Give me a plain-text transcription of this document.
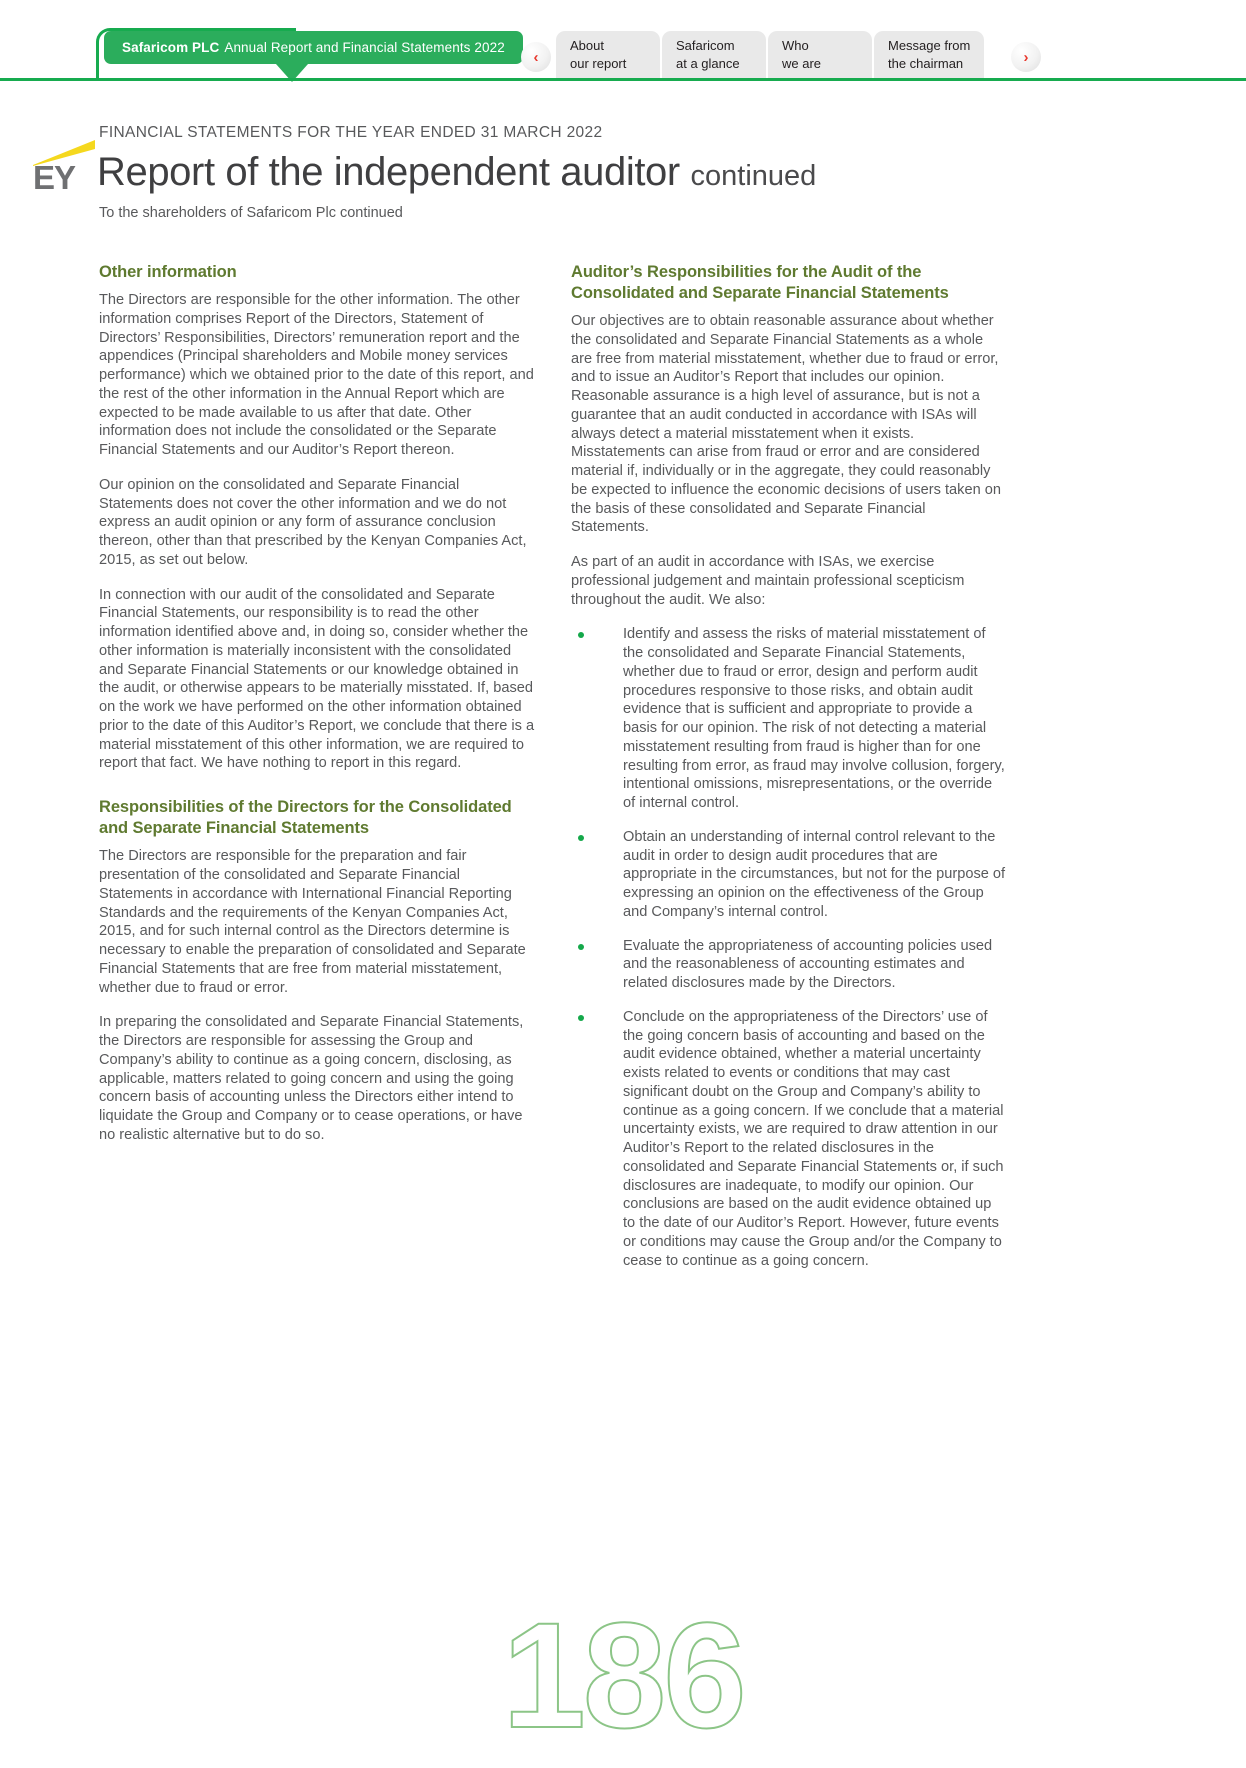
Safaricom PLC Annual Report and Financial Statements 2022
‹
About
our report
Safaricom
at a glance
Who
we are
Message from
the chairman	›
EY
FINANCIAL STATEMENTS FOR THE YEAR ENDED 31 MARCH 2022
Report of the independent auditor continued
To the shareholders of Safaricom Plc continued
Other information

The Directors are responsible for the other information. The other information comprises Report of the Directors, Statement of Directors’ Responsibilities, Directors’ remuneration report and the appendices (Principal shareholders and Mobile money services performance) which we obtained prior to the date of this report, and the rest of the other information in the Annual Report which are expected to be made available to us after that date. Other information does not include the consolidated or the Separate Financial Statements and our Auditor’s Report thereon.

Our opinion on the consolidated and Separate Financial Statements does not cover the other information and we do not express an audit opinion or any form of assurance conclusion thereon, other than that prescribed by the Kenyan Companies Act, 2015, as set out below.

In connection with our audit of the consolidated and Separate Financial Statements, our responsibility is to read the other information identified above and, in doing so, consider whether the other information is materially inconsistent with the consolidated and Separate Financial Statements or our knowledge obtained in the audit, or otherwise appears to be materially misstated. If, based on the work we have performed on the other information obtained prior to the date of this Auditor’s Report, we conclude that there is a material misstatement of this other information, we are required to report that fact. We have nothing to report in this regard.

Responsibilities of the Directors for the Consolidated and Separate Financial Statements

The Directors are responsible for the preparation and fair presentation of the consolidated and Separate Financial Statements in accordance with International Financial Reporting Standards and the requirements of the Kenyan Companies Act, 2015, and for such internal control as the Directors determine is necessary to enable the preparation of consolidated and Separate Financial Statements that are free from material misstatement, whether due to fraud or error.

In preparing the consolidated and Separate Financial Statements, the Directors are responsible for assessing the Group and Company’s ability to continue as a going concern, disclosing, as applicable, matters related to going concern and using the going concern basis of accounting unless the Directors either intend to liquidate the Group and Company or to cease operations, or have no realistic alternative but to do so.

Auditor’s Responsibilities for the Audit of the Consolidated and Separate Financial Statements

Our objectives are to obtain reasonable assurance about whether the consolidated and Separate Financial Statements as a whole are free from material misstatement, whether due to fraud or error, and to issue an Auditor’s Report that includes our opinion. Reasonable assurance is a high level of assurance, but is not a guarantee that an audit conducted in accordance with ISAs will always detect a material misstatement when it exists. Misstatements can arise from fraud or error and are considered material if, individually or in the aggregate, they could reasonably be expected to influence the economic decisions of users taken on the basis of these consolidated and Separate Financial Statements.

As part of an audit in accordance with ISAs, we exercise professional judgement and maintain professional scepticism throughout the audit. We also:

Identify and assess the risks of material misstatement of the consolidated and Separate Financial Statements, whether due to fraud or error, design and perform audit procedures responsive to those risks, and obtain audit evidence that is sufficient and appropriate to provide a basis for our opinion. The risk of not detecting a material misstatement resulting from fraud is higher than for one resulting from error, as fraud may involve collusion, forgery, intentional omissions, misrepresentations, or the override of internal control.
Obtain an understanding of internal control relevant to the audit in order to design audit procedures that are appropriate in the circumstances, but not for the purpose of expressing an opinion on the effectiveness of the Group and Company’s internal control.
Evaluate the appropriateness of accounting policies used and the reasonableness of accounting estimates and related disclosures made by the Directors.
Conclude on the appropriateness of the Directors’ use of the going concern basis of accounting and based on the audit evidence obtained, whether a material uncertainty exists related to events or conditions that may cast significant doubt on the Group and Company’s ability to continue as a going concern. If we conclude that a material uncertainty exists, we are required to draw attention in our Auditor’s Report to the related disclosures in the consolidated and Separate Financial Statements or, if such disclosures are inadequate, to modify our opinion. Our conclusions are based on the audit evidence obtained up to the date of our Auditor’s Report. However, future events or conditions may cause the Group and/or the Company to cease to continue as a going concern.
186
